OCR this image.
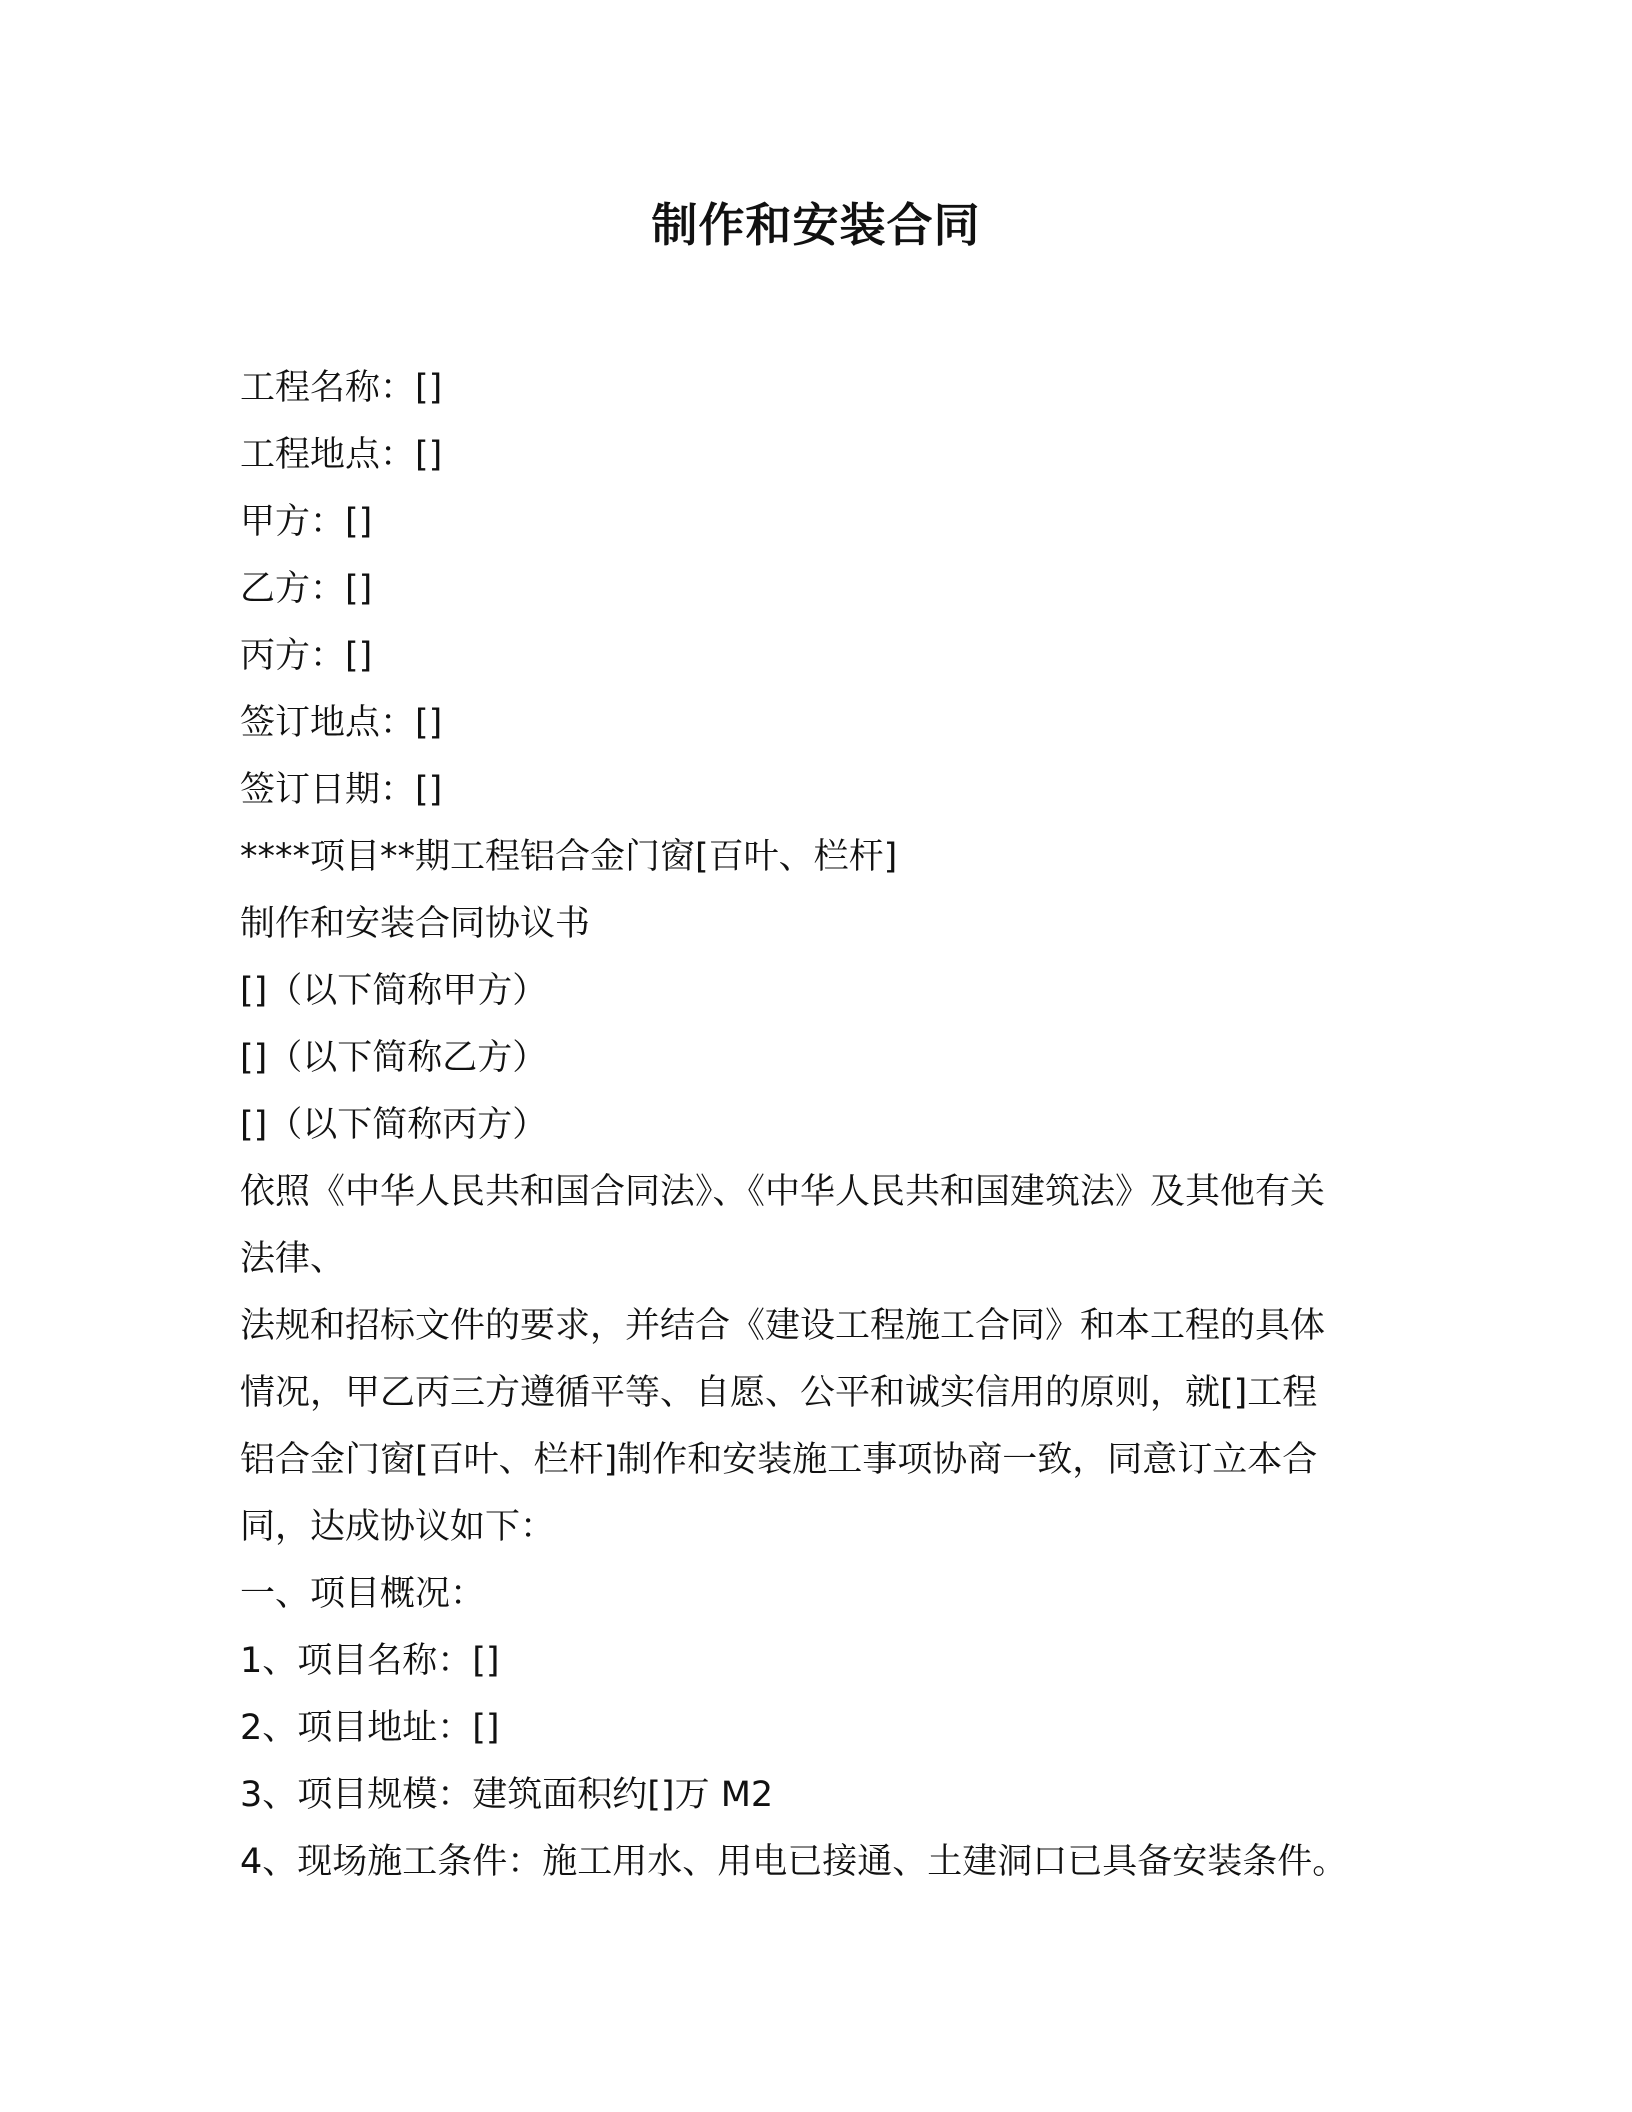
制作和安装合同

工程名称：[]

工程地点：[]

甲方：[]

乙方：[]

丙方：[]

签订地点：[]

签订日期：[]

****项目**期工程铝合金门窗[百叶、栏杆]

制作和安装合同协议书

[]（以下简称甲方）

[]（以下简称乙方）

[]（以下简称丙方）

依照《中华人民共和国合同法》、《中华人民共和国建筑法》及其他有关

法律、

法规和招标文件的要求，并结合《建设工程施工合同》和本工程的具体

情况，甲乙丙三方遵循平等、自愿、公平和诚实信用的原则，就[]工程

铝合金门窗[百叶、栏杆]制作和安装施工事项协商一致，同意订立本合

同，达成协议如下：

一、项目概况：

1、项目名称：[]

2、项目地址：[]

3、项目规模：建筑面积约[]万 M2

4、现场施工条件：施工用水、用电已接通、土建洞口已具备安装条件。
